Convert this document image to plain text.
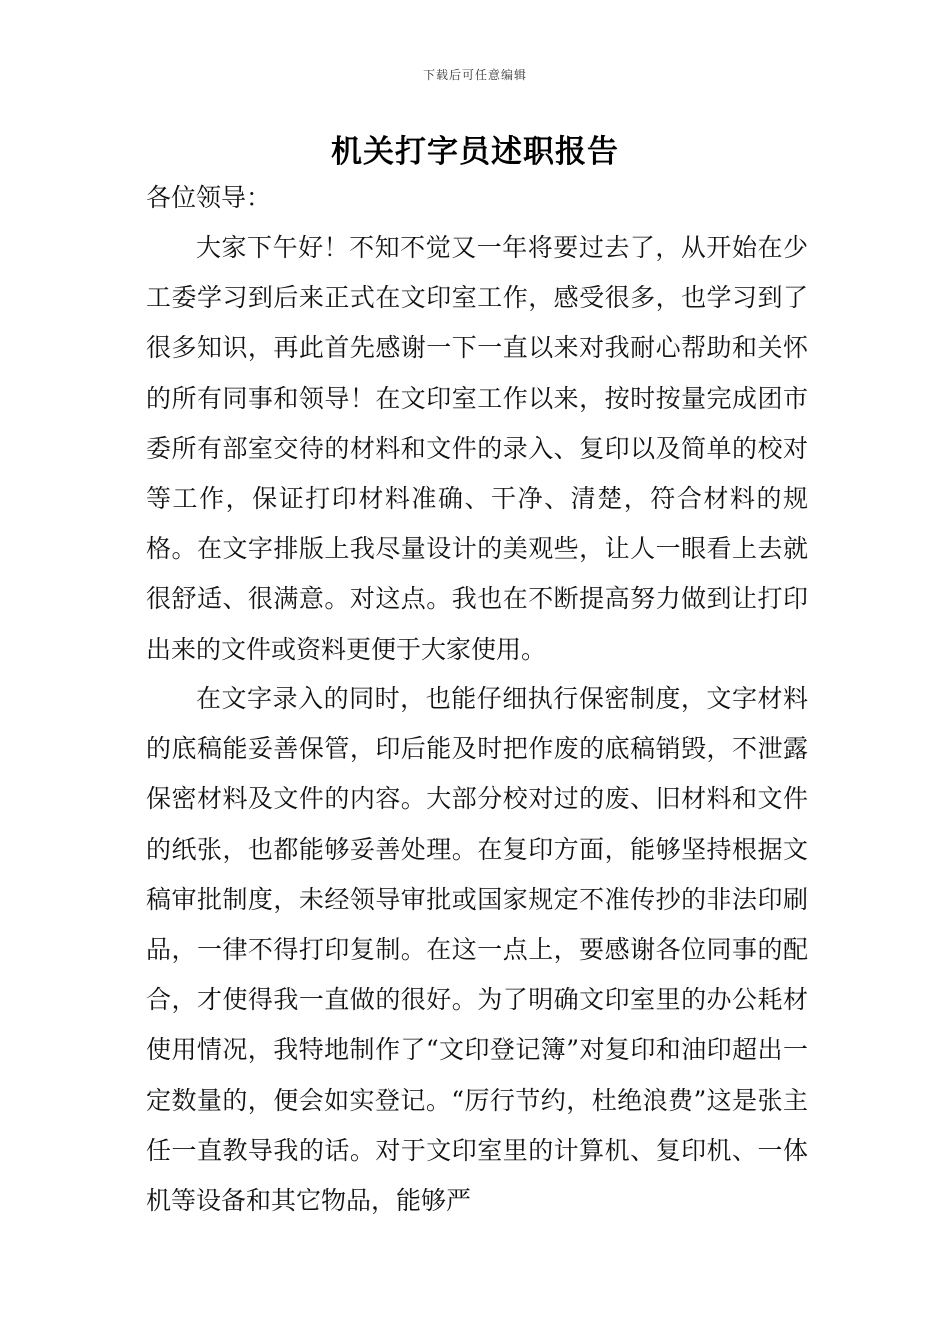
下载后可任意编辑
机关打字员述职报告
各位领导：

大家下午好！不知不觉又一年将要过去了，从开始在少工委学习到后来正式在文印室工作，感受很多，也学习到了很多知识，再此首先感谢一下一直以来对我耐心帮助和关怀的所有同事和领导！在文印室工作以来，按时按量完成团市委所有部室交待的材料和文件的录入、复印以及简单的校对等工作，保证打印材料准确、干净、清楚，符合材料的规格。在文字排版上我尽量设计的美观些，让人一眼看上去就很舒适、很满意。对这点。我也在不断提高努力做到让打印出来的文件或资料更便于大家使用。

在文字录入的同时，也能仔细执行保密制度，文字材料的底稿能妥善保管，印后能及时把作废的底稿销毁，不泄露保密材料及文件的内容。大部分校对过的废、旧材料和文件的纸张，也都能够妥善处理。在复印方面，能够坚持根据文稿审批制度，未经领导审批或国家规定不准传抄的非法印刷品，一律不得打印复制。在这一点上，要感谢各位同事的配合，才使得我一直做的很好。为了明确文印室里的办公耗材使用情况，我特地制作了“文印登记簿”对复印和油印超出一定数量的，便会如实登记。“厉行节约，杜绝浪费”这是张主任一直教导我的话。对于文印室里的计算机、复印机、一体机等设备和其它物品，能够严
